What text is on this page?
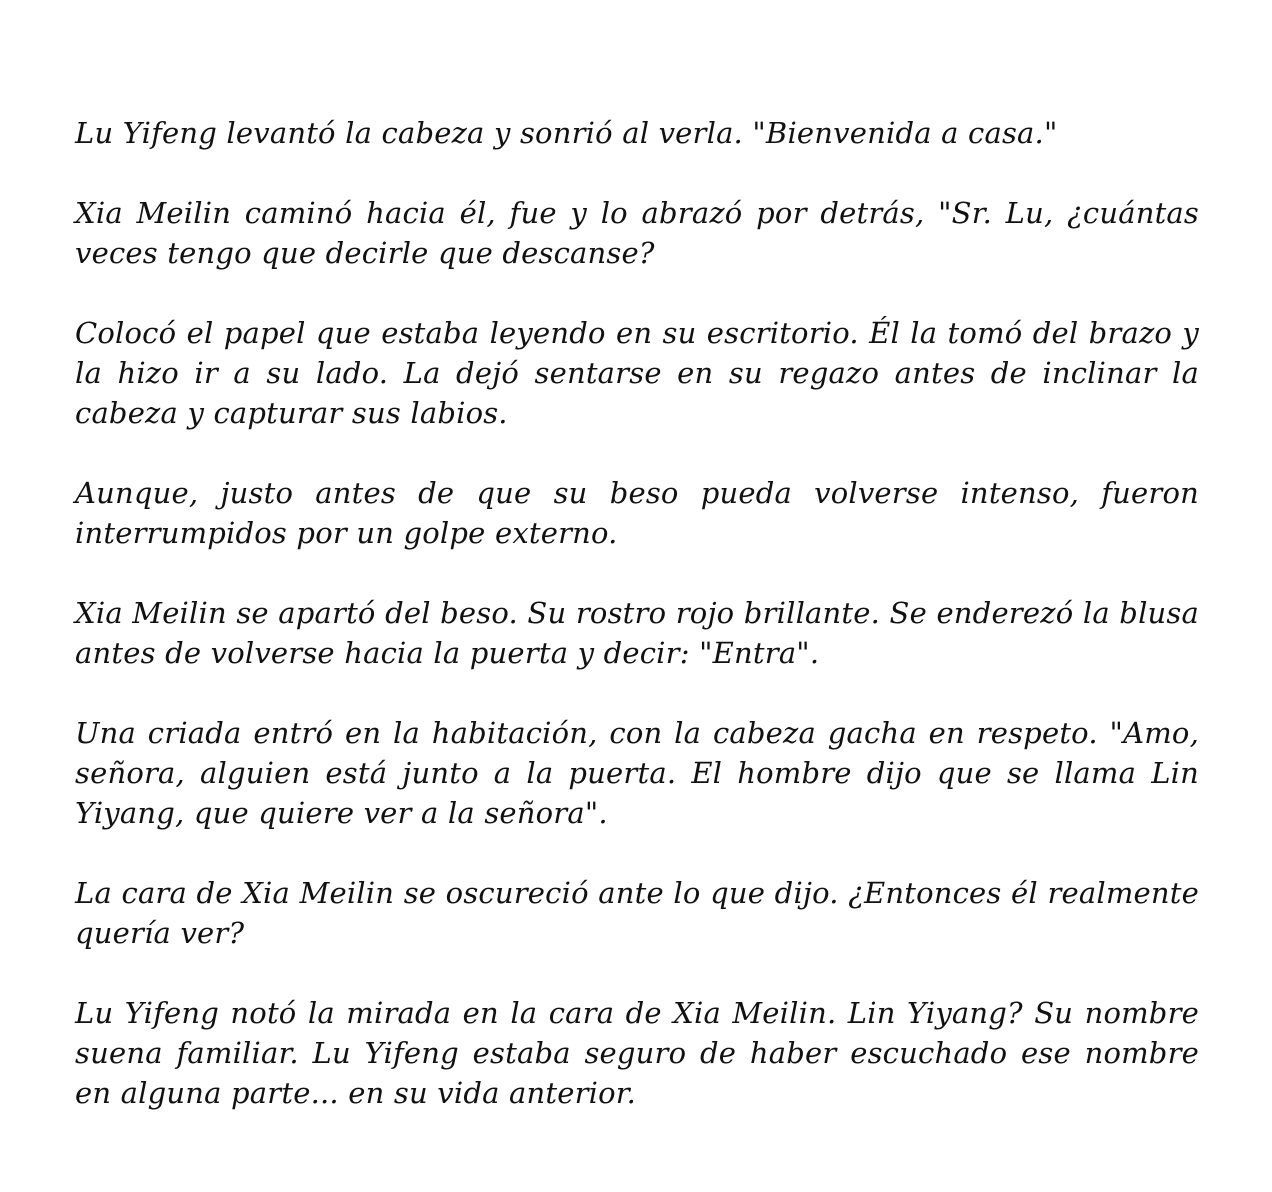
Lu Yifeng levantó la cabeza y sonrió al verla. "Bienvenida a casa."

Xia Meilin caminó hacia él, fue y lo abrazó por detrás, "Sr. Lu, ¿cuántas veces tengo que decirle que descanse?

Colocó el papel que estaba leyendo en su escritorio. Él la tomó del brazo y la hizo ir a su lado. La dejó sentarse en su regazo antes de inclinar la cabeza y capturar sus labios.

Aunque, justo antes de que su beso pueda volverse intenso, fueron interrumpidos por un golpe externo.

Xia Meilin se apartó del beso. Su rostro rojo brillante. Se enderezó la blusa antes de volverse hacia la puerta y decir: "Entra".

Una criada entró en la habitación, con la cabeza gacha en respeto. "Amo, señora, alguien está junto a la puerta. El hombre dijo que se llama Lin Yiyang, que quiere ver a la señora".

La cara de Xia Meilin se oscureció ante lo que dijo. ¿Entonces él realmente quería ver?

Lu Yifeng notó la mirada en la cara de Xia Meilin. Lin Yiyang? Su nombre suena familiar. Lu Yifeng estaba seguro de haber escuchado ese nombre en alguna parte... en su vida anterior.
